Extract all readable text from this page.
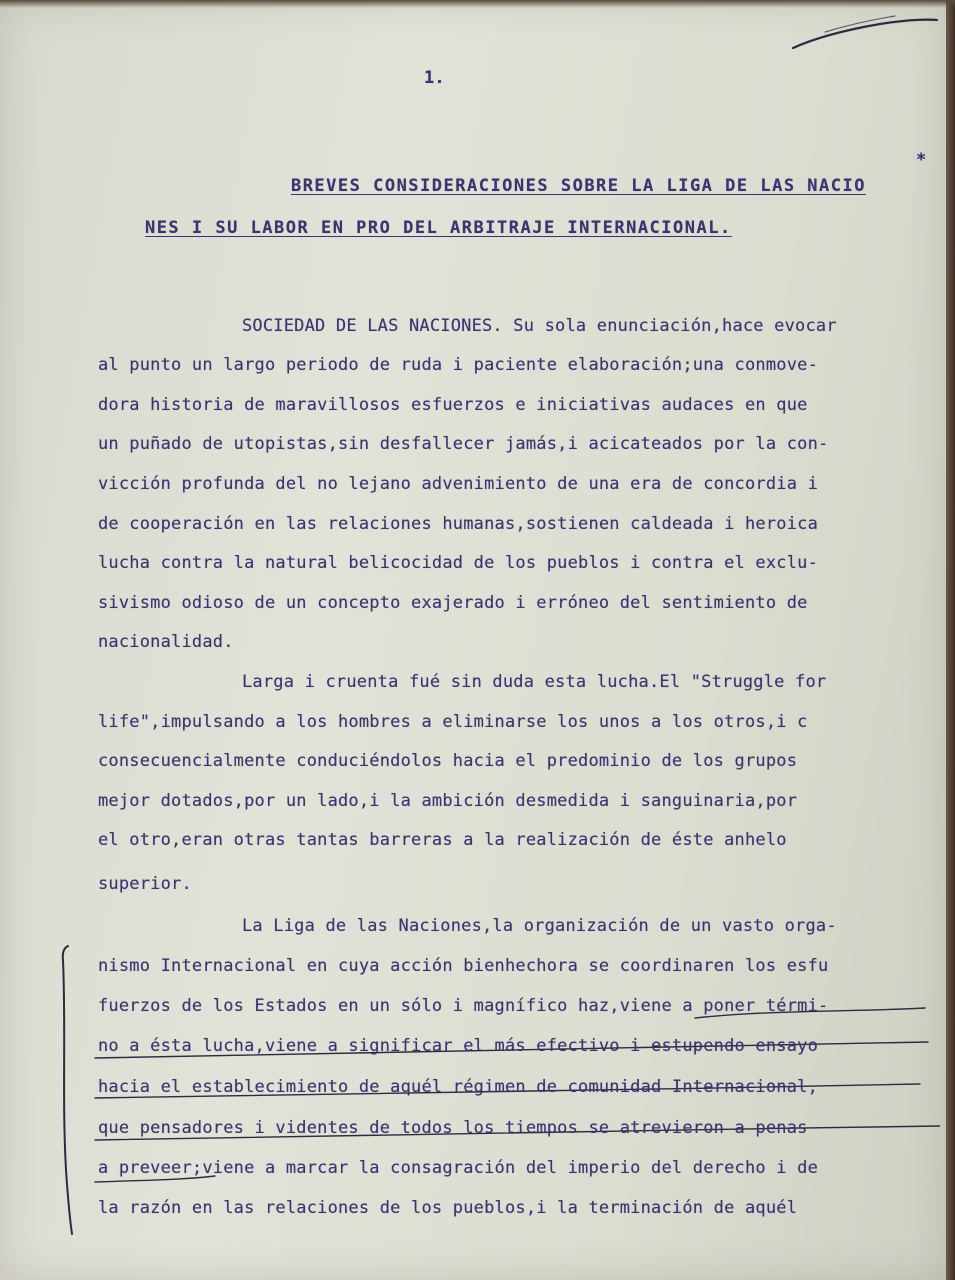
1.

BREVES CONSIDERACIONES SOBRE LA LIGA DE LAS NACIO
*

NES I SU LABOR EN PRO DEL ARBITRAJE INTERNACIONAL.

SOCIEDAD DE LAS NACIONES. Su sola enunciación,hace evocar
al punto un largo periodo de ruda i paciente elaboración;una conmove-
dora historia de maravillosos esfuerzos e iniciativas audaces en que
un puñado de utopistas,sin desfallecer jamás,i acicateados por la con-
vicción profunda del no lejano advenimiento de una era de concordia i
de cooperación en las relaciones humanas,sostienen caldeada i heroica
lucha contra la natural belicocidad de los pueblos i contra el exclu-
sivismo odioso de un concepto exajerado i erróneo del sentimiento de
nacionalidad.
Larga i cruenta fué sin duda esta lucha.El "Struggle for
life",impulsando a los hombres a eliminarse los unos a los otros,i c
consecuencialmente conduciéndolos hacia el predominio de los grupos
mejor dotados,por un lado,i la ambición desmedida i sanguinaria,por
el otro,eran otras tantas barreras a la realización de éste anhelo
superior.
La Liga de las Naciones,la organización de un vasto orga-
nismo Internacional en cuya acción bienhechora se coordinaren los esfu
fuerzos de los Estados en un sólo i magnífico haz,viene a poner térmi-
no a ésta lucha,viene a significar el más efectivo i estupendo ensayo
hacia el establecimiento de aquél régimen de comunidad Internacional,
que pensadores i videntes de todos los tiempos se atrevieron a penas
a preveer;viene a marcar la consagración del imperio del derecho i de
la razón en las relaciones de los pueblos,i la terminación de aquél
